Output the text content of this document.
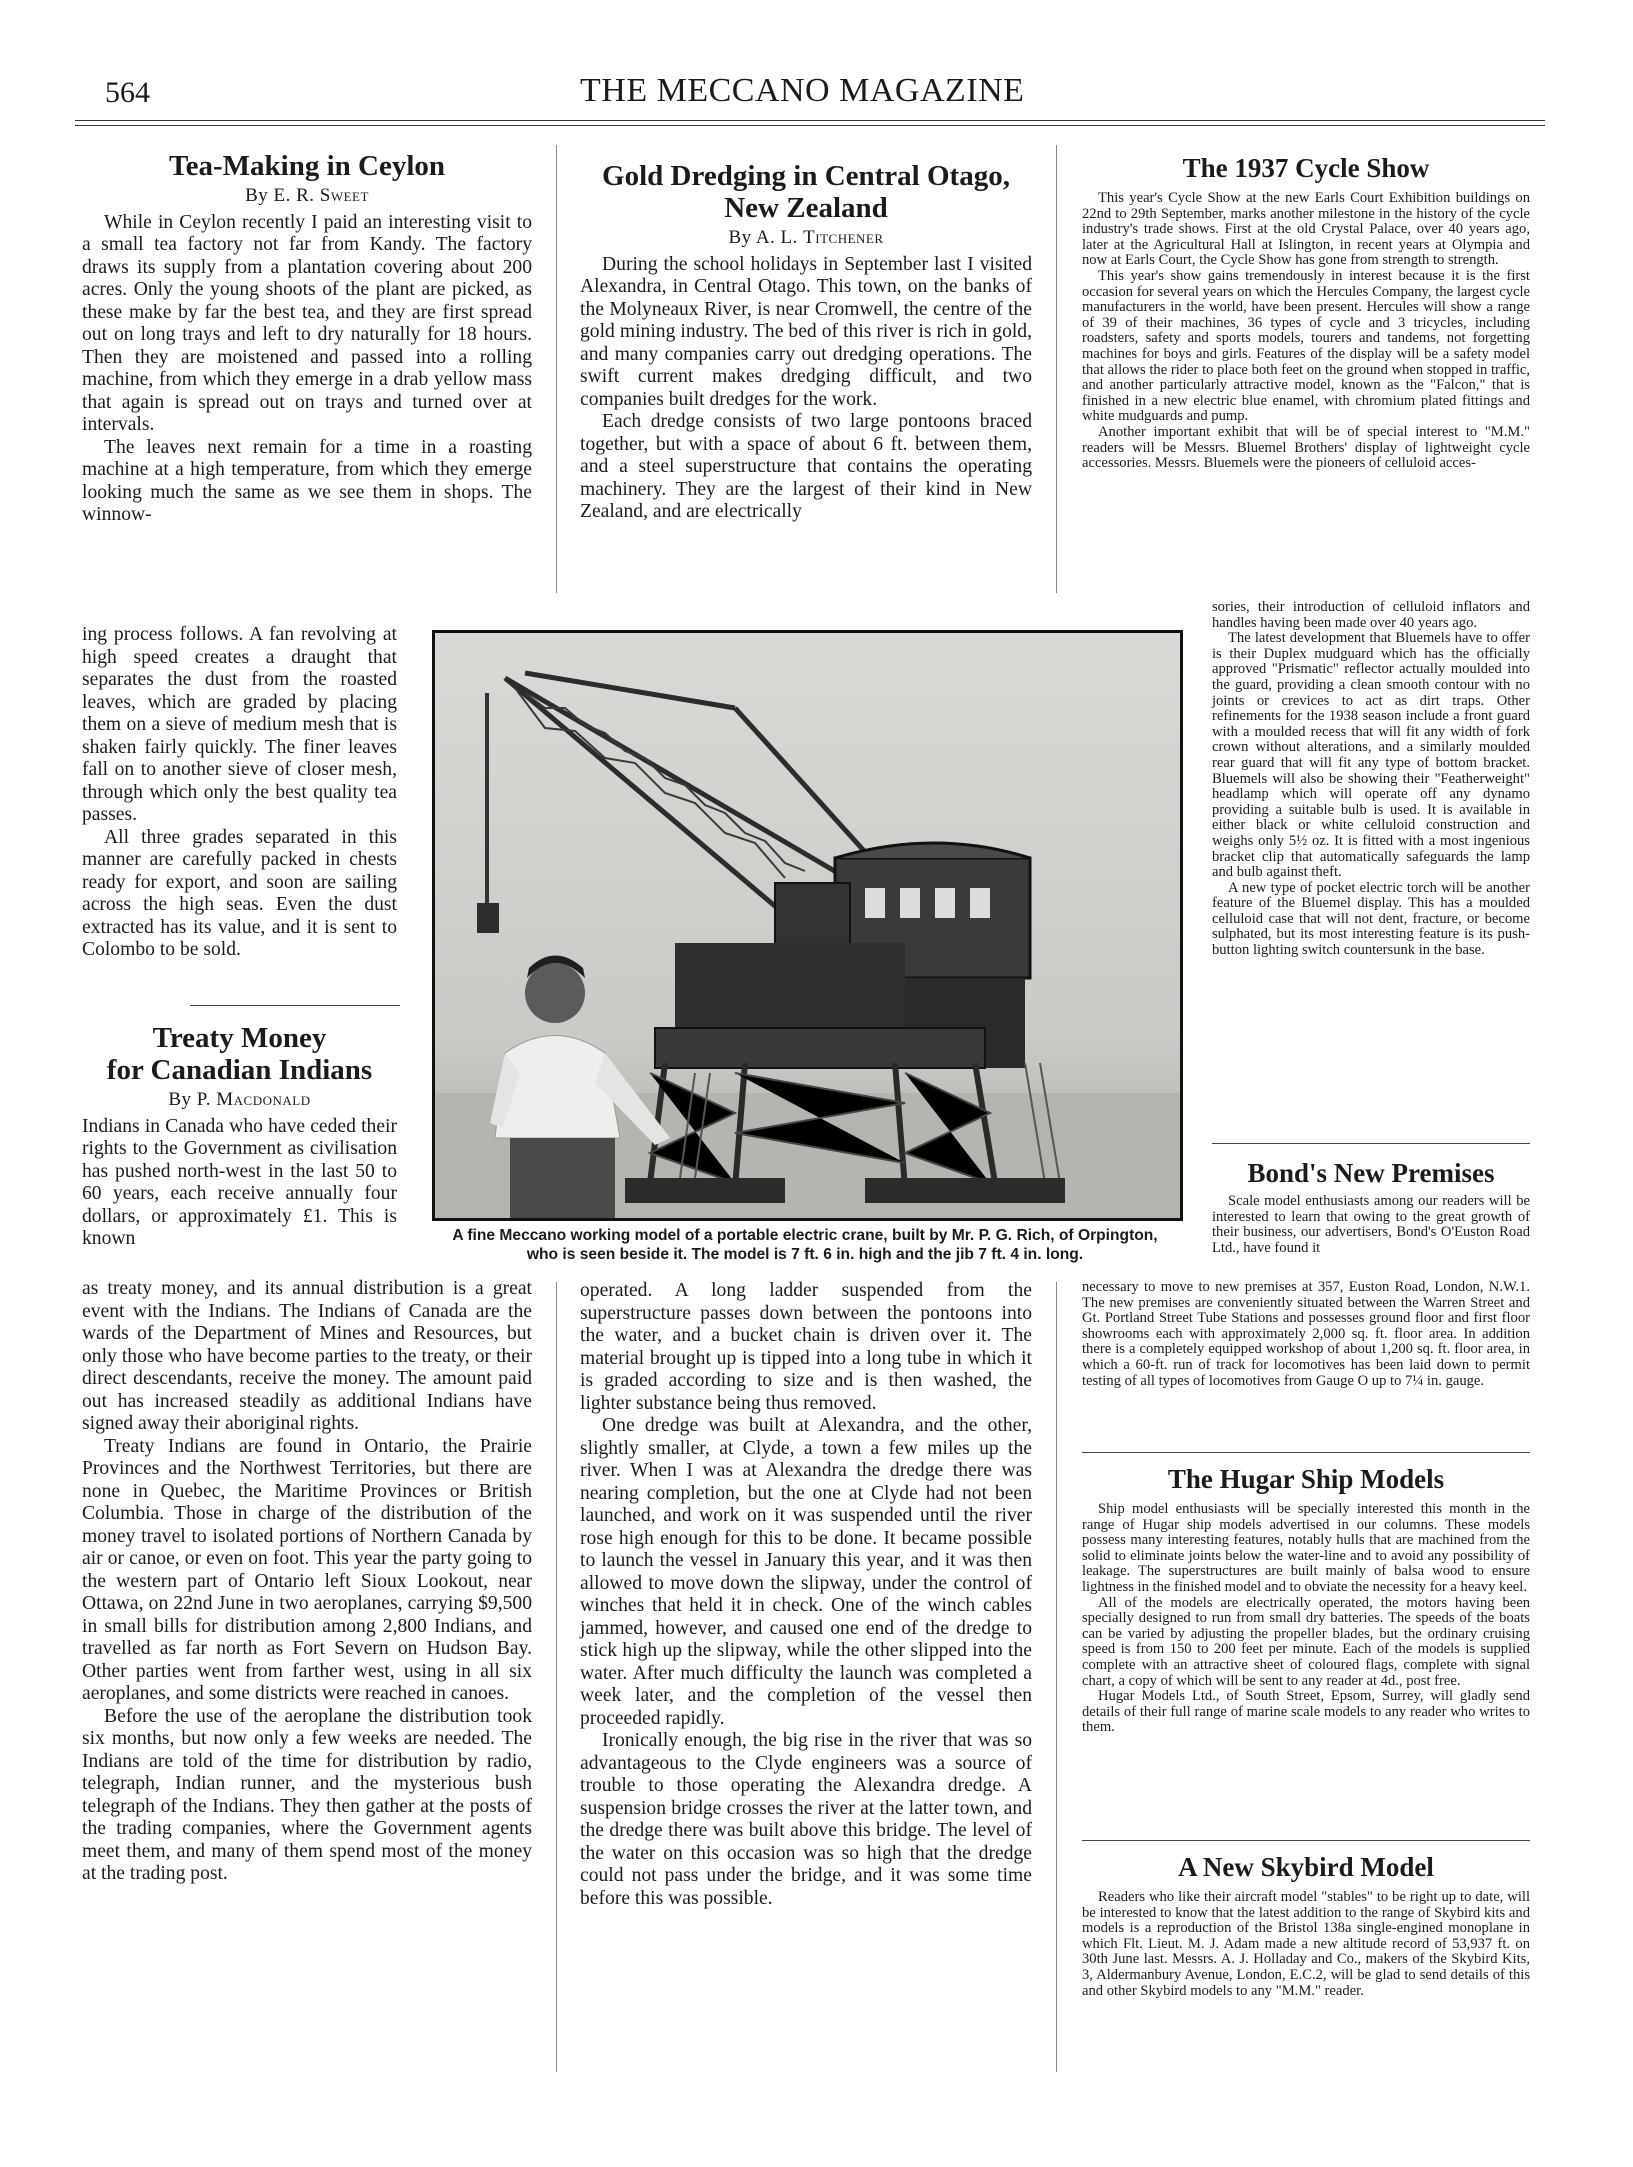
564	THE MECCANO MAGAZINE
Tea-Making in Ceylon
By E. R. Sweet

While in Ceylon recently I paid an interesting visit to a small tea factory not far from Kandy. The factory draws its supply from a plantation covering about 200 acres. Only the young shoots of the plant are picked, as these make by far the best tea, and they are first spread out on long trays and left to dry naturally for 18 hours. Then they are moistened and passed into a rolling machine, from which they emerge in a drab yellow mass that again is spread out on trays and turned over at intervals.

The leaves next remain for a time in a roasting machine at a high temperature, from which they emerge looking much the same as we see them in shops. The winnow-

ing process follows. A fan revolving at high speed creates a draught that separates the dust from the roasted leaves, which are graded by placing them on a sieve of medium mesh that is shaken fairly quickly. The finer leaves fall on to another sieve of closer mesh, through which only the best quality tea passes.

All three grades separated in this manner are carefully packed in chests ready for export, and soon are sailing across the high seas. Even the dust extracted has its value, and it is sent to Colombo to be sold.

Treaty Money
for Canadian Indians
By P. Macdonald

Indians in Canada who have ceded their rights to the Government as civilisation has pushed north-west in the last 50 to 60 years, each receive annually four dollars, or approximately £1. This is known

as treaty money, and its annual distribution is a great event with the Indians. The Indians of Canada are the wards of the Department of Mines and Resources, but only those who have become parties to the treaty, or their direct descendants, receive the money. The amount paid out has increased steadily as additional Indians have signed away their aboriginal rights.

Treaty Indians are found in Ontario, the Prairie Provinces and the Northwest Territories, but there are none in Quebec, the Maritime Provinces or British Columbia. Those in charge of the distribution of the money travel to isolated portions of Northern Canada by air or canoe, or even on foot. This year the party going to the western part of Ontario left Sioux Lookout, near Ottawa, on 22nd June in two aeroplanes, carrying $9,500 in small bills for distribution among 2,800 Indians, and travelled as far north as Fort Severn on Hudson Bay. Other parties went from farther west, using in all six aeroplanes, and some districts were reached in canoes.

Before the use of the aeroplane the distribution took six months, but now only a few weeks are needed. The Indians are told of the time for distribution by radio, telegraph, Indian runner, and the mysterious bush telegraph of the Indians. They then gather at the posts of the trading companies, where the Government agents meet them, and many of them spend most of the money at the trading post.

Gold Dredging in Central Otago,
New Zealand
By A. L. Titchener

During the school holidays in September last I visited Alexandra, in Central Otago. This town, on the banks of the Molyneaux River, is near Cromwell, the centre of the gold mining industry. The bed of this river is rich in gold, and many companies carry out dredging operations. The swift current makes dredging difficult, and two companies built dredges for the work.

Each dredge consists of two large pontoons braced together, but with a space of about 6 ft. between them, and a steel superstructure that contains the operating machinery. They are the largest of their kind in New Zealand, and are electrically

operated. A long ladder suspended from the superstructure passes down between the pontoons into the water, and a bucket chain is driven over it. The material brought up is tipped into a long tube in which it is graded according to size and is then washed, the lighter substance being thus removed.

One dredge was built at Alexandra, and the other, slightly smaller, at Clyde, a town a few miles up the river. When I was at Alexandra the dredge there was nearing completion, but the one at Clyde had not been launched, and work on it was suspended until the river rose high enough for this to be done. It became possible to launch the vessel in January this year, and it was then allowed to move down the slipway, under the control of winches that held it in check. One of the winch cables jammed, however, and caused one end of the dredge to stick high up the slipway, while the other slipped into the water. After much difficulty the launch was completed a week later, and the completion of the vessel then proceeded rapidly.

Ironically enough, the big rise in the river that was so advantageous to the Clyde engineers was a source of trouble to those operating the Alexandra dredge. A suspension bridge crosses the river at the latter town, and the dredge there was built above this bridge. The level of the water on this occasion was so high that the dredge could not pass under the bridge, and it was some time before this was possible.

A fine Meccano working model of a portable electric crane, built by Mr. P. G. Rich, of Orpington,
who is seen beside it. The model is 7 ft. 6 in. high and the jib 7 ft. 4 in. long.
The 1937 Cycle Show

This year's Cycle Show at the new Earls Court Exhibition buildings on 22nd to 29th September, marks another milestone in the history of the cycle industry's trade shows. First at the old Crystal Palace, over 40 years ago, later at the Agricultural Hall at Islington, in recent years at Olympia and now at Earls Court, the Cycle Show has gone from strength to strength.

This year's show gains tremendously in interest because it is the first occasion for several years on which the Hercules Company, the largest cycle manufacturers in the world, have been present. Hercules will show a range of 39 of their machines, 36 types of cycle and 3 tricycles, including roadsters, safety and sports models, tourers and tandems, not forgetting machines for boys and girls. Features of the display will be a safety model that allows the rider to place both feet on the ground when stopped in traffic, and another particularly attractive model, known as the "Falcon," that is finished in a new electric blue enamel, with chromium plated fittings and white mudguards and pump.

Another important exhibit that will be of special interest to "M.M." readers will be Messrs. Bluemel Brothers' display of lightweight cycle accessories. Messrs. Bluemels were the pioneers of celluloid acces-

sories, their introduction of celluloid inflators and handles having been made over 40 years ago.

The latest development that Bluemels have to offer is their Duplex mudguard which has the officially approved "Prismatic" reflector actually moulded into the guard, providing a clean smooth contour with no joints or crevices to act as dirt traps. Other refinements for the 1938 season include a front guard with a moulded recess that will fit any width of fork crown without alterations, and a similarly moulded rear guard that will fit any type of bottom bracket. Bluemels will also be showing their "Featherweight" headlamp which will operate off any dynamo providing a suitable bulb is used. It is available in either black or white celluloid construction and weighs only 5½ oz. It is fitted with a most ingenious bracket clip that automatically safeguards the lamp and bulb against theft.

A new type of pocket electric torch will be another feature of the Bluemel display. This has a moulded celluloid case that will not dent, fracture, or become sulphated, but its most interesting feature is its push-button lighting switch countersunk in the base.

Bond's New Premises

Scale model enthusiasts among our readers will be interested to learn that owing to the great growth of their business, our advertisers, Bond's O'Euston Road Ltd., have found it

necessary to move to new premises at 357, Euston Road, London, N.W.1. The new premises are conveniently situated between the Warren Street and Gt. Portland Street Tube Stations and possesses ground floor and first floor showrooms each with approximately 2,000 sq. ft. floor area. In addition there is a completely equipped workshop of about 1,200 sq. ft. floor area, in which a 60-ft. run of track for locomotives has been laid down to permit testing of all types of locomotives from Gauge O up to 7¼ in. gauge.

The Hugar Ship Models

Ship model enthusiasts will be specially interested this month in the range of Hugar ship models advertised in our columns. These models possess many interesting features, notably hulls that are machined from the solid to eliminate joints below the water-line and to avoid any possibility of leakage. The superstructures are built mainly of balsa wood to ensure lightness in the finished model and to obviate the necessity for a heavy keel.

All of the models are electrically operated, the motors having been specially designed to run from small dry batteries. The speeds of the boats can be varied by adjusting the propeller blades, but the ordinary cruising speed is from 150 to 200 feet per minute. Each of the models is supplied complete with an attractive sheet of coloured flags, complete with signal chart, a copy of which will be sent to any reader at 4d., post free.

Hugar Models Ltd., of South Street, Epsom, Surrey, will gladly send details of their full range of marine scale models to any reader who writes to them.

A New Skybird Model

Readers who like their aircraft model "stables" to be right up to date, will be interested to know that the latest addition to the range of Skybird kits and models is a reproduction of the Bristol 138a single-engined monoplane in which Flt. Lieut. M. J. Adam made a new altitude record of 53,937 ft. on 30th June last. Messrs. A. J. Holladay and Co., makers of the Skybird Kits, 3, Aldermanbury Avenue, London, E.C.2, will be glad to send details of this and other Skybird models to any "M.M." reader.
